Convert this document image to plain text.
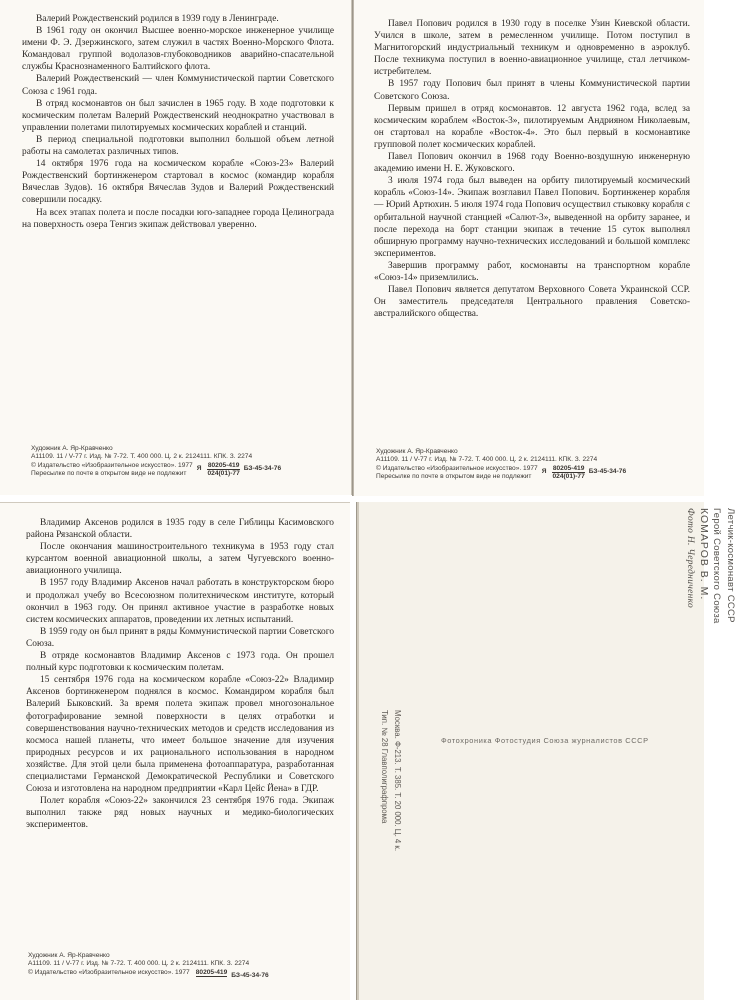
Валерий Рождественский родился в 1939 году в Ленинграде.

В 1961 году он окончил Высшее военно-морское инженерное училище имени Ф. Э. Дзержинского, затем служил в частях Военно-Морского Флота. Командовал группой водолазов-глубоководников аварийно-спасательной службы Краснознаменного Балтийского флота.

Валерий Рождественский — член Коммунистической партии Советского Союза с 1961 года.

В отряд космонавтов он был зачислен в 1965 году. В ходе подготовки к космическим полетам Валерий Рождественский неоднократно участвовал в управлении полетами пилотируемых космических кораблей и станций.

В период специальной подготовки выполнил большой объем летной работы на самолетах различных типов.

14 октября 1976 года на космическом корабле «Союз-23» Валерий Рождественский бортинженером стартовал в космос (командир корабля Вячеслав Зудов). 16 октября Вячеслав Зудов и Валерий Рождественский совершили посадку.

На всех этапах полета и после посадки юго-западнее города Целинограда на поверхность озера Тенгиз экипаж действовал уверенно.

Художник А. Яр-Кравченко
А11109. 11 / V-77 г. Изд. № 7-72. Т. 400 000. Ц. 2 к. 2124111. КПК. З. 2274
© Издательство «Изобразительное искусство». 1977
Пересылке по почте в открытом виде не подлежит
Я $\frac{80205-419}{024(01)-77} БЗ-45-34-76$

Павел Попович родился в 1930 году в поселке Узин Киевской области. Учился в школе, затем в ремесленном училище. Потом поступил в Магнитогорский индустриальный техникум и одновременно в аэроклуб. После техникума поступил в военно-авиационное училище, стал летчиком-истребителем.

В 1957 году Попович был принят в члены Коммунистической партии Советского Союза.

Первым пришел в отряд космонавтов. 12 августа 1962 года, вслед за космическим кораблем «Восток-3», пилотируемым Андрияном Николаевым, он стартовал на корабле «Восток-4». Это был первый в космонавтике групповой полет космических кораблей.

Павел Попович окончил в 1968 году Военно-воздушную инженерную академию имени Н. Е. Жуковского.

3 июля 1974 года был выведен на орбиту пилотируемый космический корабль «Союз-14». Экипаж возглавил Павел Попович. Бортинженер корабля — Юрий Артюхин. 5 июля 1974 года Попович осуществил стыковку корабля с орбитальной научной станцией «Салют-3», выведенной на орбиту заранее, и после перехода на борт станции экипаж в течение 15 суток выполнял обширную программу научно-технических исследований и большой комплекс экспериментов.

Завершив программу работ, космонавты на транспортном корабле «Союз-14» приземлились.

Павел Попович является депутатом Верховного Совета Украинской ССР. Он заместитель председателя Центрального правления Советско-австралийского общества.

Художник А. Яр-Кравченко
А11109. 11 / V-77 г. Изд. № 7-72. Т. 400 000. Ц. 2 к. 2124111. КПК. З. 2274
© Издательство «Изобразительное искусство». 1977
Пересылке по почте в открытом виде не подлежит
Я $\frac{80205-419}{024(01)-77} БЗ-45-34-76$

Владимир Аксенов родился в 1935 году в селе Гиблицы Касимовского района Рязанской области.

После окончания машиностроительного техникума в 1953 году стал курсантом военной авиационной школы, а затем Чугуевского военно-авиационного училища.

В 1957 году Владимир Аксенов начал работать в конструкторском бюро и продолжал учебу во Всесоюзном политехническом институте, который окончил в 1963 году. Он принял активное участие в разработке новых систем космических аппаратов, проведении их летных испытаний.

В 1959 году он был принят в ряды Коммунистической партии Советского Союза.

В отряде космонавтов Владимир Аксенов с 1973 года. Он прошел полный курс подготовки к космическим полетам.

15 сентября 1976 года на космическом корабле «Союз-22» Владимир Аксенов бортинженером поднялся в космос. Командиром корабля был Валерий Быковский. За время полета экипаж провел многозональное фотографирование земной поверхности в целях отработки и совершенствования научно-технических методов и средств исследования из космоса нашей планеты, что имеет большое значение для изучения природных ресурсов и их рационального использования в народном хозяйстве. Для этой цели была применена фотоаппаратура, разработанная специалистами Германской Демократической Республики и Советского Союза и изготовлена на народном предприятии «Карл Цейс Йена» в ГДР.

Полет корабля «Союз-22» закончился 23 сентября 1976 года. Экипаж выполнил также ряд новых научных и медико-биологических экспериментов.

Художник А. Яр-Кравченко
А11109. 11 / V-77 г. Изд. № 7-72. Т. 400 000. Ц. 2 к. 2124111. КПК. З. 2274
© Издательство «Изобразительное искусство». 1977 80205-419 БЗ-45-34-76
Летчик-космонавт СССР
Герой Советского Союза
КОМАРОВ В. М.
Фото Н. Чередниченко
Фотохроника Фотостудия Союза журналистов СССР
Москва. Ф-213. Т. 385. Т. 20 000. Ц. 4 к.
Тип. № 28 Главполиграфпрома
